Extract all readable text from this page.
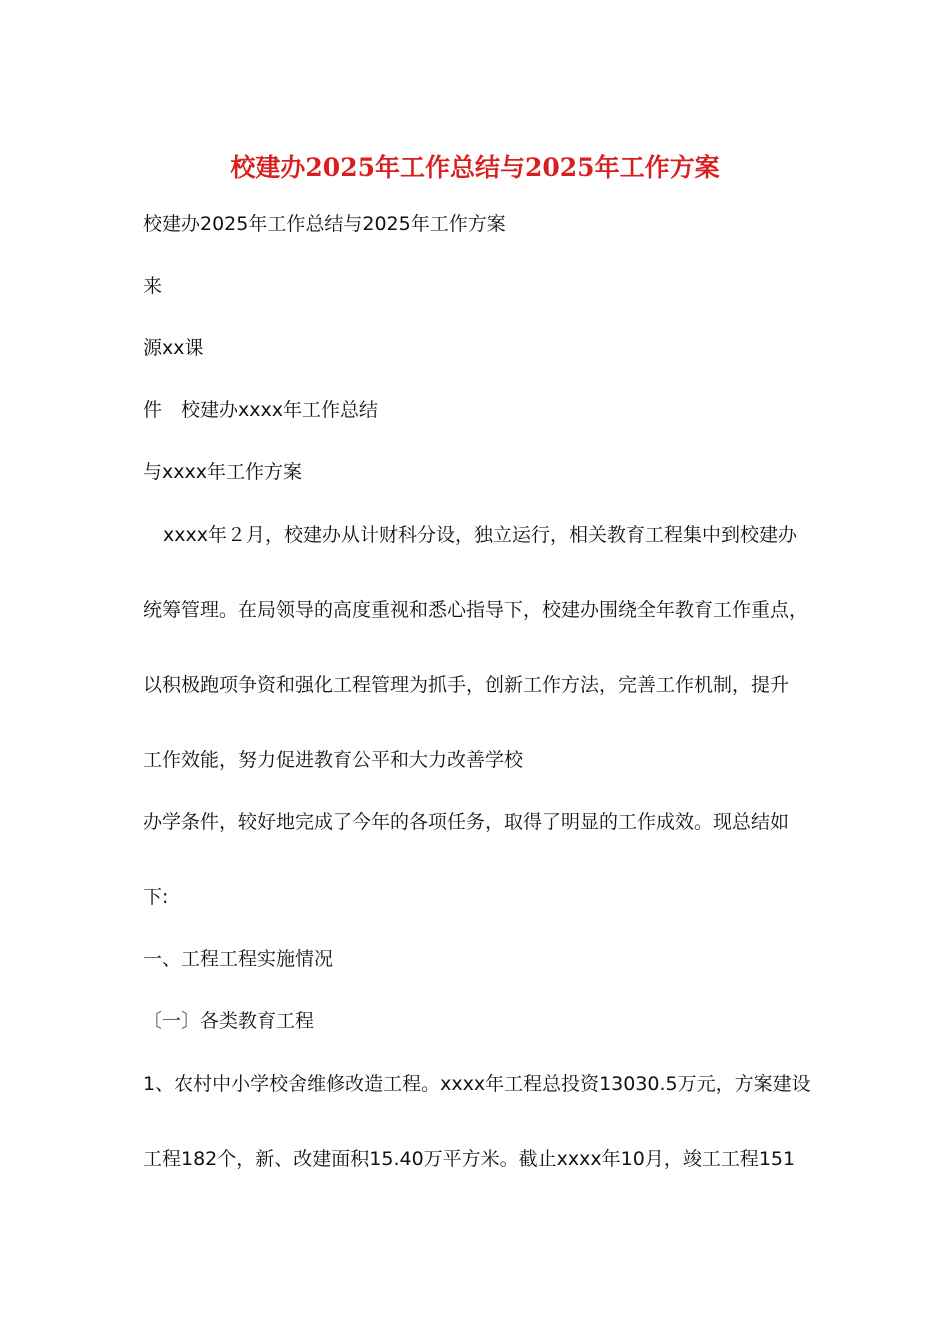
校建办2025年工作总结与2025年工作方案
校建办2025年工作总结与2025年工作方案
来
源xx课
件　校建办xxxx年工作总结
与xxxx年工作方案
xxxx年２月，校建办从计财科分设，独立运行，相关教育工程集中到校建办
统筹管理。在局领导的高度重视和悉心指导下，校建办围绕全年教育工作重点，
以积极跑项争资和强化工程管理为抓手，创新工作方法，完善工作机制，提升
工作效能，努力促进教育公平和大力改善学校
办学条件，较好地完成了今年的各项任务，取得了明显的工作成效。现总结如
下:
一、工程工程实施情况
〔一〕各类教育工程
1、农村中小学校舍维修改造工程。xxxx年工程总投资13030.5万元，方案建设
工程182个，新、改建面积15.40万平方米。截止xxxx年10月，竣工工程151
